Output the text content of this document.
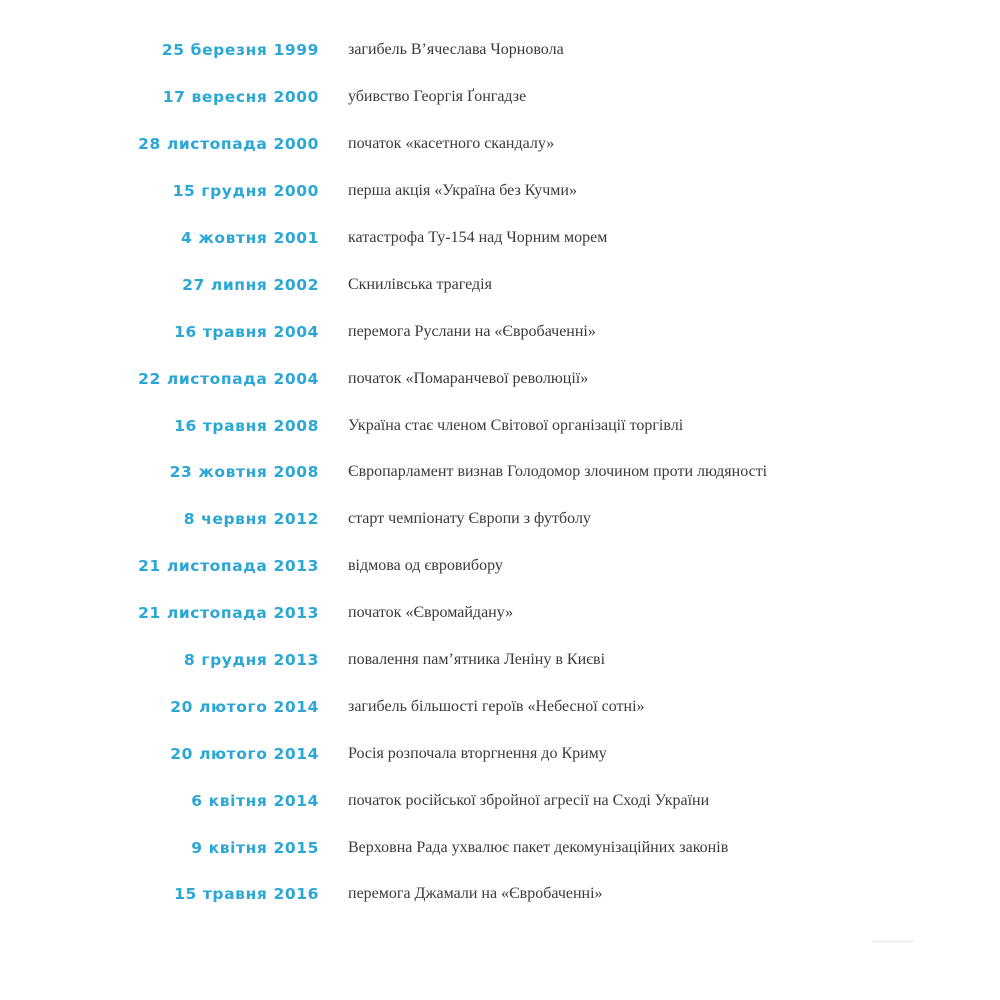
25 березня 1999 загибель В’ячеслава Чорновола
17 вересня 2000 убивство Георгія Ґонгадзе
28 листопада 2000 початок «касетного скандалу»
15 грудня 2000 перша акція «Україна без Кучми»
4 жовтня 2001 катастрофа Ту-154 над Чорним морем
27 липня 2002 Скнилівська трагедія
16 травня 2004 перемога Руслани на «Євробаченні»
22 листопада 2004 початок «Помаранчевої революції»
16 травня 2008 Україна стає членом Світової організації торгівлі
23 жовтня 2008 Європарламент визнав Голодомор злочином проти людяності
8 червня 2012 старт чемпіонату Європи з футболу
21 листопада 2013 відмова од євровибору
21 листопада 2013 початок «Євромайдану»
8 грудня 2013 повалення пам’ятника Леніну в Києві
20 лютого 2014 загибель більшості героїв «Небесної сотні»
20 лютого 2014 Росія розпочала вторгнення до Криму
6 квітня 2014 початок російської збройної агресії на Сході України
9 квітня 2015 Верховна Рада ухвалює пакет декомунізаційних законів
15 травня 2016 перемога Джамали на «Євробаченні»
